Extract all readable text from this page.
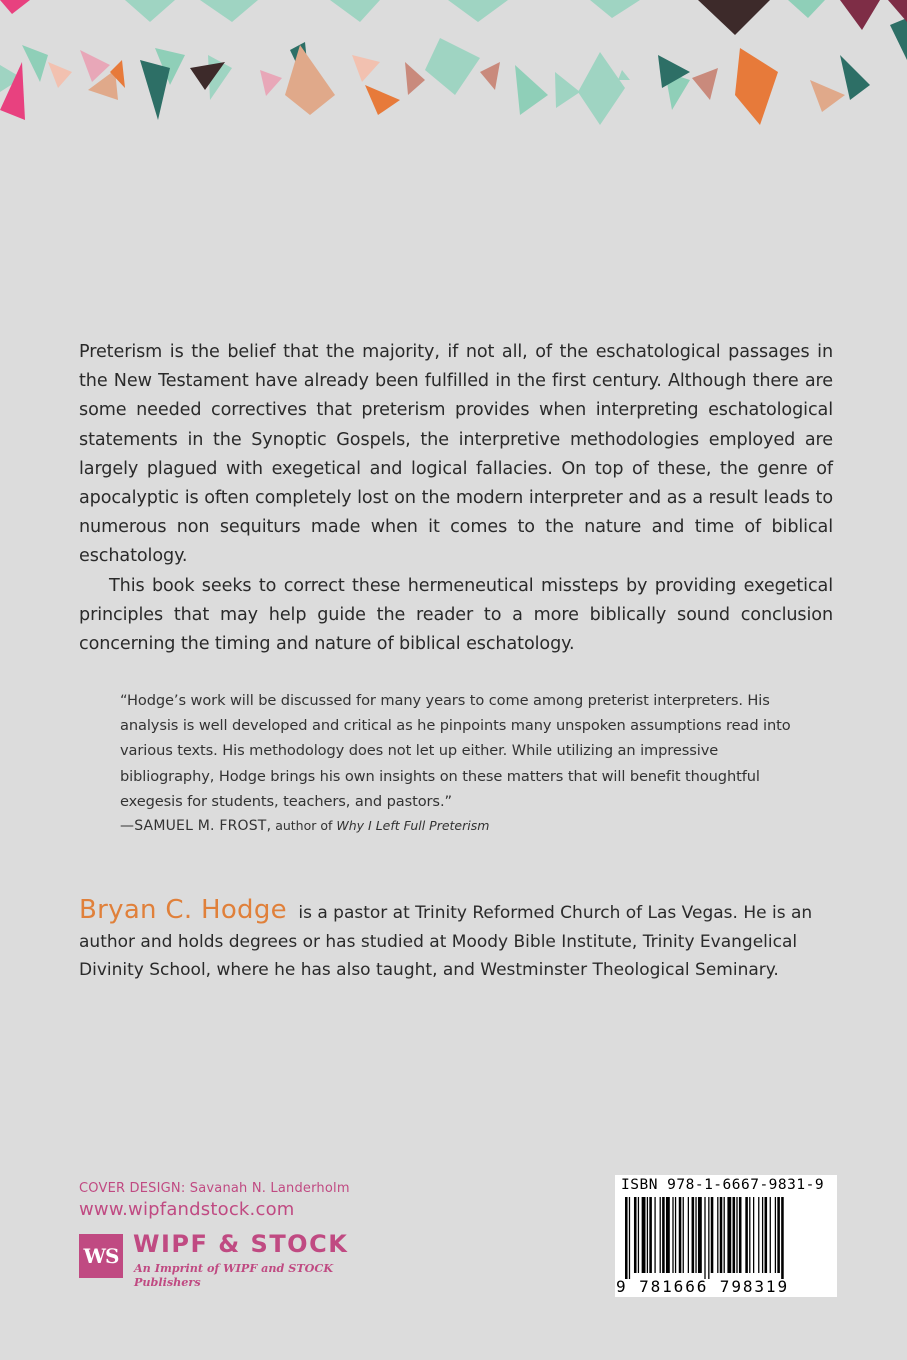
Preterism is the belief that the majority, if not all, of the eschatological passages in the New Testament have already been fulfilled in the first century. Although there are some needed correctives that preterism provides when interpreting eschatological statements in the Synoptic Gospels, the interpretive methodologies employed are largely plagued with exegetical and logical fallacies. On top of these, the genre of apocalyptic is often completely lost on the modern interpreter and as a result leads to numerous non sequiturs made when it comes to the nature and time of biblical eschatology.

This book seeks to correct these hermeneutical missteps by providing exegetical principles that may help guide the reader to a more biblically sound conclusion concerning the timing and nature of biblical eschatology.

“Hodge’s work will be discussed for many years to come among preterist interpreters. His analysis is well developed and critical as he pinpoints many unspoken assumptions read into various texts. His methodology does not let up either. While utilizing an impressive bibliography, Hodge brings his own insights on these matters that will benefit thoughtful exegesis for students, teachers, and pastors.”

—SAMUEL M. FROST, author of Why I Left Full Preterism
Bryan C. Hodge is a pastor at Trinity Reformed Church of Las Vegas. He is an author and holds degrees or has studied at Moody Bible Institute, Trinity Evangelical Divinity School, where he has also taught, and Westminster Theological Seminary.
COVER DESIGN: Savanah N. Landerholm
www.wipfandstock.com
WS WIPF & STOCK
An Imprint of WIPF and STOCK Publishers
ISBN 978-1-6667-9831-9
9 781666 798319
